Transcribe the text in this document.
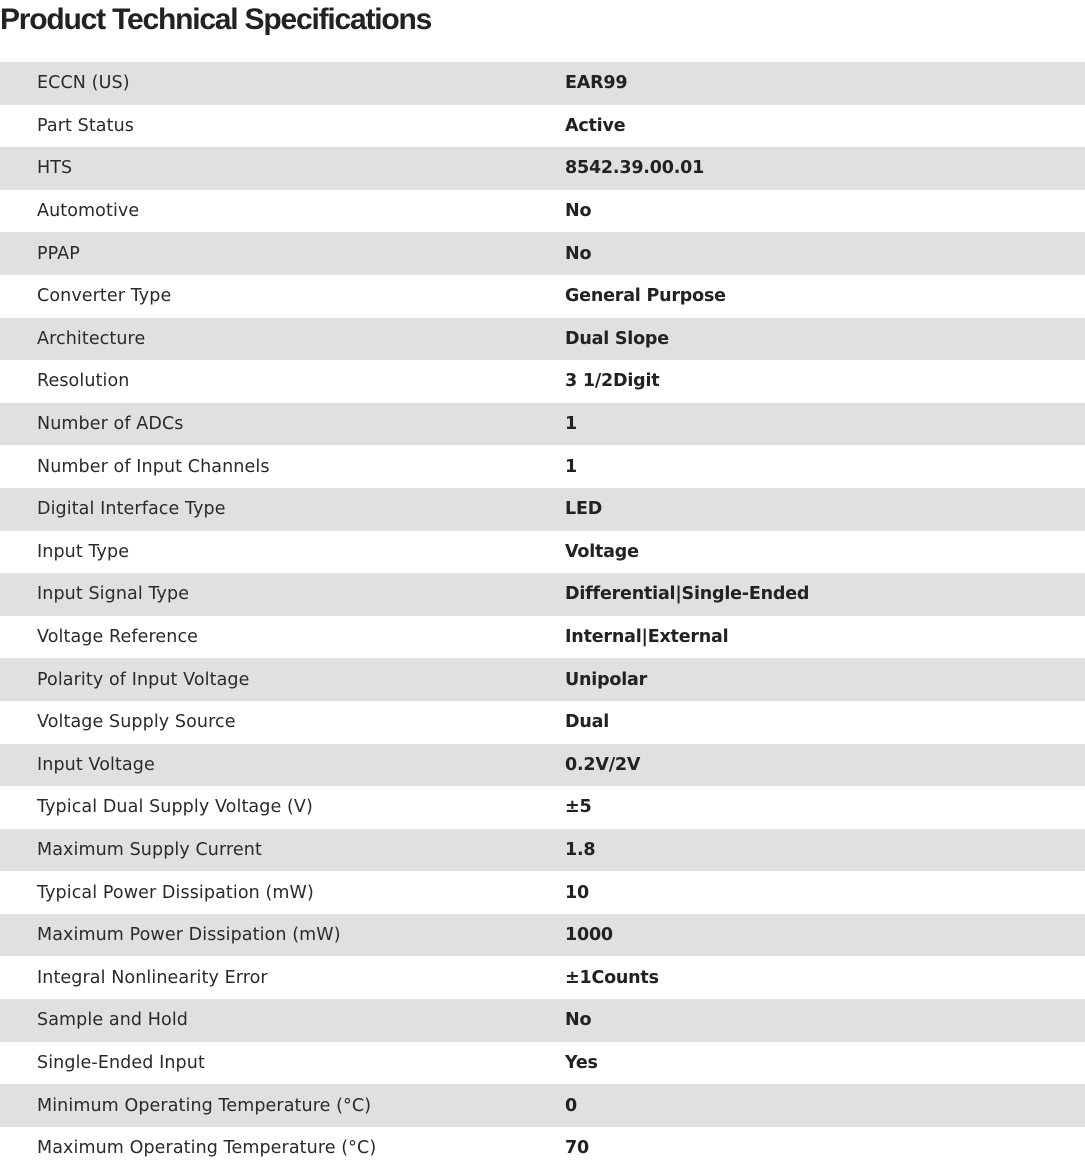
Product Technical Specifications
ECCN (US)	EAR99
Part Status	Active
HTS	8542.39.00.01
Automotive	No
PPAP	No
Converter Type	General Purpose
Architecture	Dual Slope
Resolution	3 1/2Digit
Number of ADCs	1
Number of Input Channels	1
Digital Interface Type	LED
Input Type	Voltage
Input Signal Type	Differential|Single-Ended
Voltage Reference	Internal|External
Polarity of Input Voltage	Unipolar
Voltage Supply Source	Dual
Input Voltage	0.2V/2V
Typical Dual Supply Voltage (V)	±5
Maximum Supply Current	1.8
Typical Power Dissipation (mW)	10
Maximum Power Dissipation (mW)	1000
Integral Nonlinearity Error	±1Counts
Sample and Hold	No
Single-Ended Input	Yes
Minimum Operating Temperature (°C)	0
Maximum Operating Temperature (°C)	70
